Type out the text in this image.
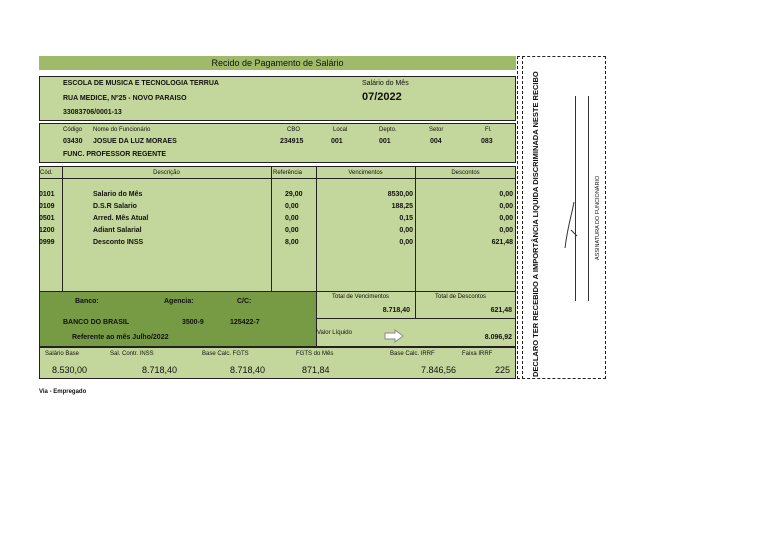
Recido de Pagamento de Salário
ESCOLA DE MUSICA E TECNOLOGIA TERRUA
RUA MEDICE, Nº25 - NOVO PARAISO
33083706/0001-13
Salário do Mês
07/2022
Código Nome do Funcionário	CBO	Local	Depto.	Setor	Fl.
03430 JOSUE DA LUZ MORAES	234915	001	001	004	083
FUNC. PROFESSOR REGENTE
Cód.	Descrição	Referência	Vencimentos	Descontos
0101	Salario do Mês	29,00	8530,00	0,00
0109	D.S.R Salario	0,00	188,25	0,00
0501	Arred. Mês Atual	0,00	0,15	0,00
1200	Adiant Salarial	0,00	0,00	0,00
0999	Desconto INSS	8,00	0,00	621,48
Banco:	Agencia:	C/C:
BANCO DO BRASIL	3500-9	125422-7
Referente ao mês Julho/2022
Total de Vencimentos
8.718,40
Total de Descontos
621,48
Valor Líquido
8.096,92
Salário Base	Sal. Contr. INSS	Base Calc. FGTS	FGTS do Mês	Base Calc. IRRF	Faixa IRRF
8.530,00	8.718,40	8.718,40	871,84	7.846,56	225
Via - Empregado
DECLARO TER RECEBIDO A IMPORTÂNCIA LIQUIDA DISCRIMINADA NESTE RECIBO	ASSINATURA DO FUNCIONÁRIO
